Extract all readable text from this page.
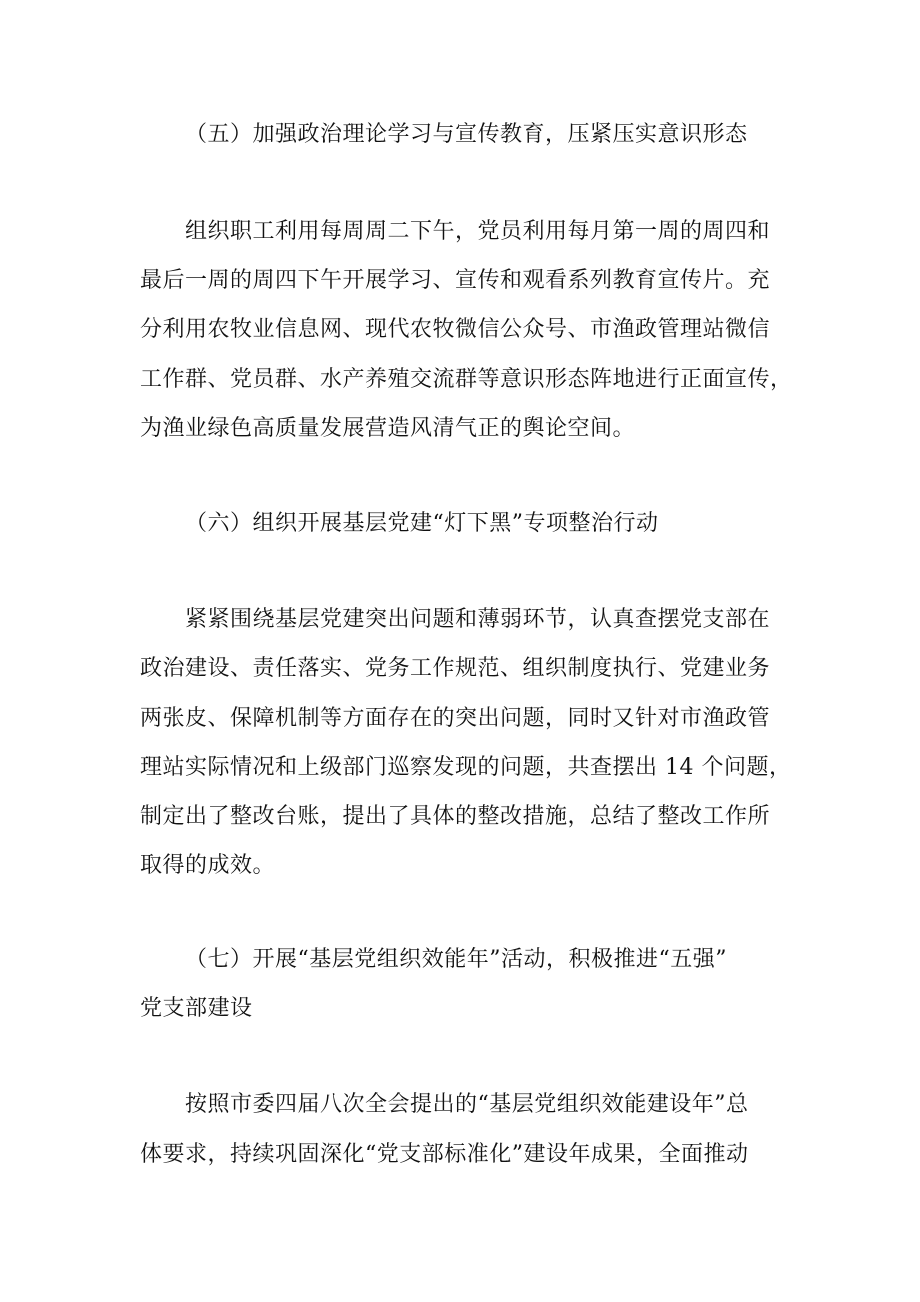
（五）加强政治理论学习与宣传教育，压紧压实意识形态
组织职工利用每周周二下午，党员利用每月第一周的周四和
最后一周的周四下午开展学习、宣传和观看系列教育宣传片。充
分利用农牧业信息网、现代农牧微信公众号、市渔政管理站微信
工作群、党员群、水产养殖交流群等意识形态阵地进行正面宣传，
为渔业绿色高质量发展营造风清气正的舆论空间。
（六）组织开展基层党建“灯下黑”专项整治行动
紧紧围绕基层党建突出问题和薄弱环节，认真查摆党支部在
政治建设、责任落实、党务工作规范、组织制度执行、党建业务
两张皮、保障机制等方面存在的突出问题，同时又针对市渔政管
理站实际情况和上级部门巡察发现的问题，共查摆出 14 个问题，
制定出了整改台账，提出了具体的整改措施，总结了整改工作所
取得的成效。
（七）开展“基层党组织效能年”活动，积极推进“五强”
党支部建设
按照市委四届八次全会提出的“基层党组织效能建设年”总
体要求，持续巩固深化“党支部标准化”建设年成果，全面推动
